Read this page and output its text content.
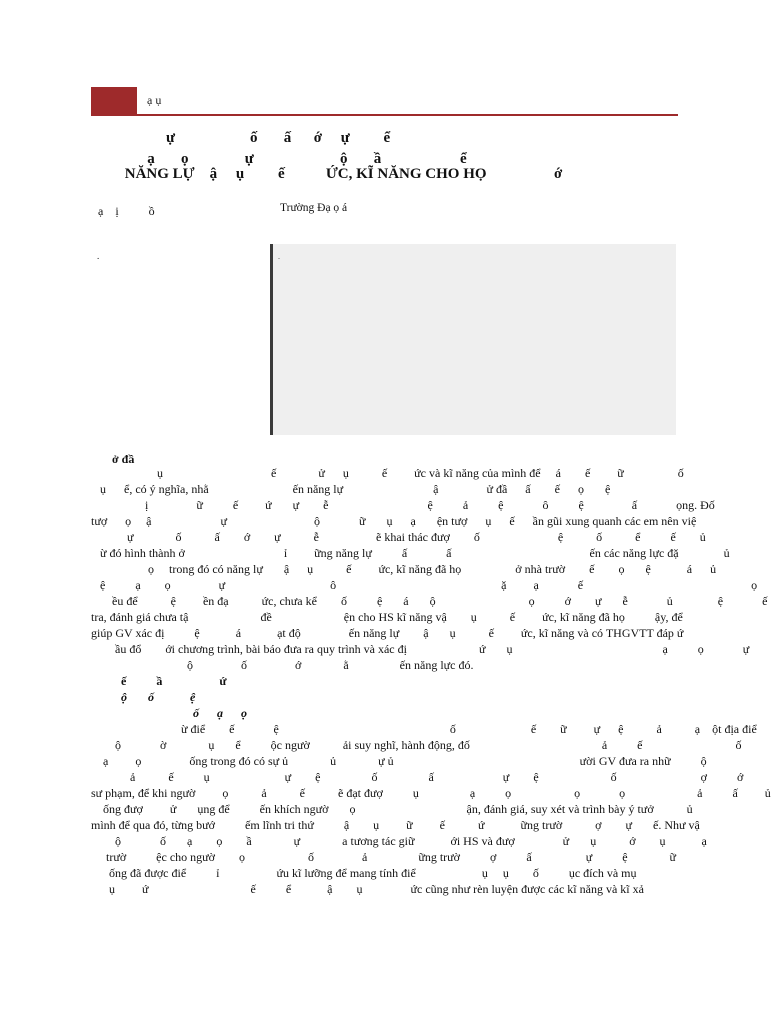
ạ ụ
ự                    ố       ấ      ớ     ự         ể
ạ       ọ               ự                       ộ       ầ                     ể
NĂNG LỰ    ậ     ụ         ế           ỨC, KĨ NĂNG CHO HỌ                  ớ
ạ    ị          ồ	Trường Đạ ọ á
.	.
ở đầ
ụ                                    ế              ử      ụ           ế         ức và kĩ năng của mình để     á        ế         ữ                  ố
ụ      ể, có ý nghĩa, nhằ                            ến năng lự                              ậ                ử đầ      ấ        ế      ọ       ệ
ị                ữ          ế         ứ       ự        ễ                                 ệ          ả          ệ             ô          ệ                ấ             ọng. Đố
tượ      ọ     ậ                       ự                             ộ             ữ       ụ      ạ       ện tượ      ụ      ế      ần gũi xung quanh các em nên việ
ự              ố           ấ        ớ        ự           ễ                   ẽ khai thác đượ        ố                          ệ           ố           ể          ế        ủ
ừ đó hình thành ở                                 ỉ         ững năng lự          ấ             ấ                                              ến các năng lực đặ               ủ
ọ     trong đó có năng lự       ậ      ụ           ế         ức, kĩ năng đã họ                  ở nhà trườ        ế        ọ       ệ            á      ủ
ệ          ạ        ọ                ự                                   ô                                                       ặ         ạ             ế                                                        ọ
ều để           ệ         ền đạ           ức, chưa kể        ố          ệ       á       ộ                               ọ          ớ        ự       ễ             ủ               ệ             ế
tra, đánh giá chưa tậ                        đề                        ện cho HS kĩ năng vậ        ụ           ế         ức, kĩ năng đã họ          ậy, để
giúp GV xác đị          ệ            á            ạt độ                ến năng lự        ậ       ụ           ế         ức, kĩ năng và có THGVTT đáp ứ
ầu đổ        ới chương trình, bài báo đưa ra quy trình và xác đị                        ứ       ụ                                                  ạ          ọ             ự
ộ                ố                ớ              ằ                 ến năng lực đó.
ế          ầ                   ứ
ộ       ố            ệ
ố      ạ      ọ
ừ điể        ế             ệ                                                         ố                         ế        ữ         ự      ệ           ả           ạ    ột địa điể
ộ             ờ              ụ       ể          ộc ngườ           ải suy nghĩ, hành động, đố                                            ả          ế                               ố
ạ         ọ                ống trong đó có sự ủ              ủ              ự ủ                                                              ười GV đưa ra nhữ          ộ
ả           ế          ụ                         ự        ệ                 ố                 ấ                       ự        ệ                        ố                            ợ          ớ
sư phạm, để khi ngườ         ọ           ả           ế           ẽ đạt đượ          ụ                 ạ          ọ                     ọ             ọ                        ả          ấ         ủ
ống đượ         ử       ụng để          ến khích ngườ       ọ                                     ận, đánh giá, suy xét và trình bày ý tưở           ủ
mình để qua đó, từng bướ          ếm lĩnh tri thứ          ậ        ụ         ữ         ế           ứ            ững trườ           ợ        ự       ế. Như vậ
ộ             ố       ạ        ọ        ầ              ự              a tương tác giữ            ới HS và đượ                ử       ụ           ớ        ụ            ạ
trườ          ệc cho ngườ        ọ                     ố                ả                 ững trườ          ợ          ấ                  ự          ệ              ữ
ống đã được điể          ỉ                   ứu kĩ lưỡng để mang tính điể                      ụ     ụ        ố          ục đích và mụ
ụ         ứ                                  ế          ể            ậ        ụ                ức cũng như rèn luyện được các kĩ năng và kĩ xả
